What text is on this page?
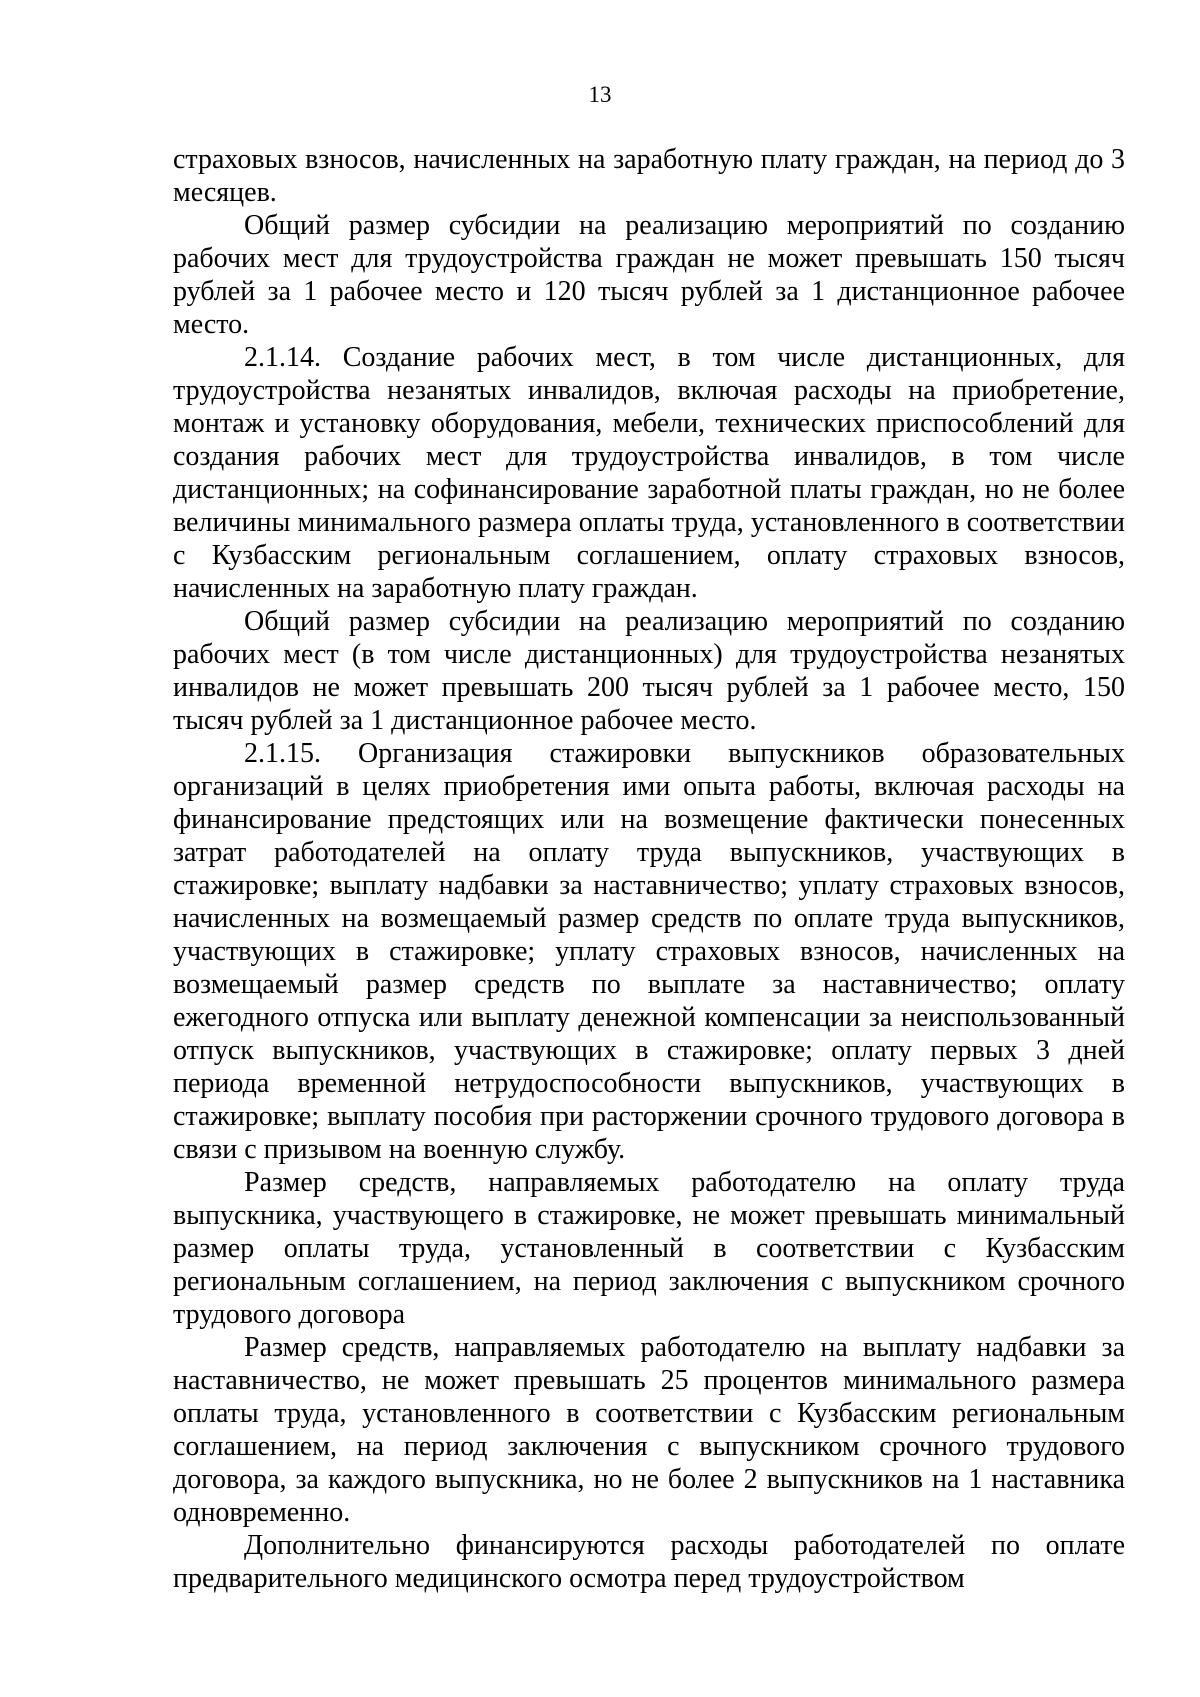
13

страховых взносов, начисленных на заработную плату граждан, на период до 3 месяцев.

Общий размер субсидии на реализацию мероприятий по созданию рабочих мест для трудоустройства граждан не может превышать 150 тысяч рублей за 1 рабочее место и 120 тысяч рублей за 1 дистанционное рабочее место.

2.1.14. Создание рабочих мест, в том числе дистанционных, для трудоустройства незанятых инвалидов, включая расходы на приобретение, монтаж и установку оборудования, мебели, технических приспособлений для создания рабочих мест для трудоустройства инвалидов, в том числе дистанционных; на софинансирование заработной платы граждан, но не более величины минимального размера оплаты труда, установленного в соответствии с Кузбасским региональным соглашением, оплату страховых взносов, начисленных на заработную плату граждан.

Общий размер субсидии на реализацию мероприятий по созданию рабочих мест (в том числе дистанционных) для трудоустройства незанятых инвалидов не может превышать 200 тысяч рублей за 1 рабочее место, 150 тысяч рублей за 1 дистанционное рабочее место.

2.1.15. Организация стажировки выпускников образовательных организаций в целях приобретения ими опыта работы, включая расходы на финансирование предстоящих или на возмещение фактически понесенных затрат работодателей на оплату труда выпускников, участвующих в стажировке; выплату надбавки за наставничество; уплату страховых взносов, начисленных на возмещаемый размер средств по оплате труда выпускников, участвующих в стажировке; уплату страховых взносов, начисленных на возмещаемый размер средств по выплате за наставничество; оплату ежегодного отпуска или выплату денежной компенсации за неиспользованный отпуск выпускников, участвующих в стажировке; оплату первых 3 дней периода временной нетрудоспособности выпускников, участвующих в стажировке; выплату пособия при расторжении срочного трудового договора в связи с призывом на военную службу.

Размер средств, направляемых работодателю на оплату труда выпускника, участвующего в стажировке, не может превышать минимальный размер оплаты труда, установленный в соответствии с Кузбасским региональным соглашением, на период заключения с выпускником срочного трудового договора

Размер средств, направляемых работодателю на выплату надбавки за наставничество, не может превышать 25 процентов минимального размера оплаты труда, установленного в соответствии с Кузбасским региональным соглашением, на период заключения с выпускником срочного трудового договора, за каждого выпускника, но не более 2 выпускников на 1 наставника одновременно.

Дополнительно финансируются расходы работодателей по оплате предварительного медицинского осмотра перед трудоустройством
